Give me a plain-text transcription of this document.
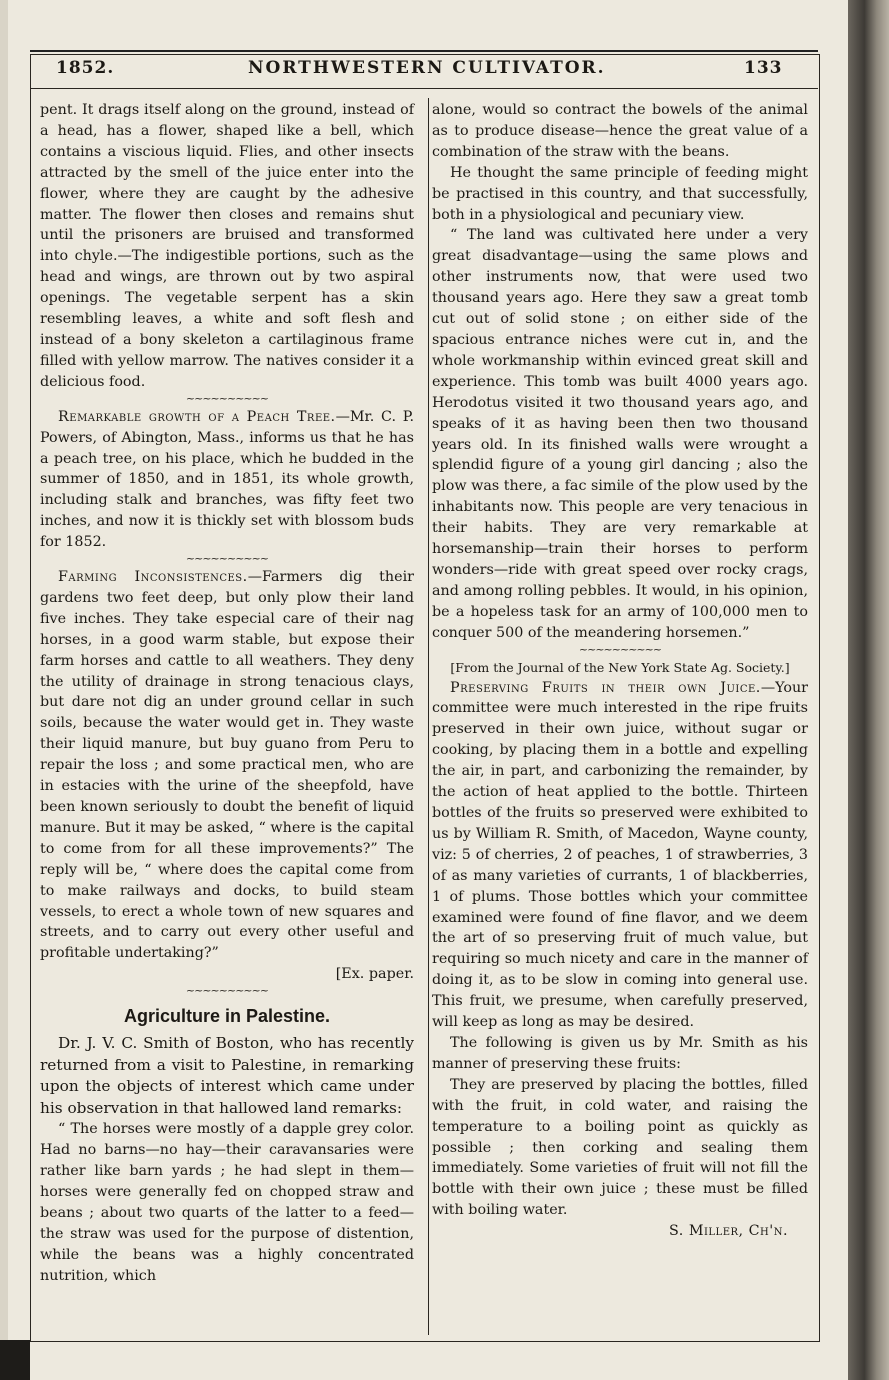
1852.	NORTHWESTERN CULTIVATOR.	133

pent. It drags itself along on the ground, instead of a head, has a flower, shaped like a bell, which contains a viscious liquid. Flies, and other insects attracted by the smell of the juice enter into the flower, where they are caught by the adhesive matter. The flower then closes and remains shut until the prisoners are bruised and transformed into chyle.—The indigestible portions, such as the head and wings, are thrown out by two aspiral openings. The vegetable serpent has a skin resembling leaves, a white and soft flesh and instead of a bony skeleton a cartilaginous frame filled with yellow marrow. The natives consider it a delicious food.

~~~~~~~~~~

Remarkable growth of a Peach Tree.—Mr. C. P. Powers, of Abington, Mass., informs us that he has a peach tree, on his place, which he budded in the summer of 1850, and in 1851, its whole growth, including stalk and branches, was fifty feet two inches, and now it is thickly set with blossom buds for 1852.

~~~~~~~~~~

Farming Inconsistences.—Farmers dig their gardens two feet deep, but only plow their land five inches. They take especial care of their nag horses, in a good warm stable, but expose their farm horses and cattle to all weathers. They deny the utility of drainage in strong tenacious clays, but dare not dig an under ground cellar in such soils, because the water would get in. They waste their liquid manure, but buy guano from Peru to repair the loss ; and some practical men, who are in estacies with the urine of the sheepfold, have been known seriously to doubt the benefit of liquid manure. But it may be asked, “ where is the capital to come from for all these improvements?” The reply will be, “ where does the capital come from to make railways and docks, to build steam vessels, to erect a whole town of new squares and streets, and to carry out every other useful and profitable undertaking?”

[Ex. paper.

~~~~~~~~~~
Agriculture in Palestine.

Dr. J. V. C. Smith of Boston, who has recently returned from a visit to Palestine, in remarking upon the objects of interest which came under his observation in that hallowed land remarks:

“ The horses were mostly of a dapple grey color. Had no barns—no hay—their caravansaries were rather like barn yards ; he had slept in them—horses were generally fed on chopped straw and beans ; about two quarts of the latter to a feed—the straw was used for the purpose of distention, while the beans was a highly concentrated nutrition, which

alone, would so contract the bowels of the animal as to produce disease—hence the great value of a combination of the straw with the beans.

He thought the same principle of feeding might be practised in this country, and that successfully, both in a physiological and pecuniary view.

“ The land was cultivated here under a very great disadvantage—using the same plows and other instruments now, that were used two thousand years ago. Here they saw a great tomb cut out of solid stone ; on either side of the spacious entrance niches were cut in, and the whole workmanship within evinced great skill and experience. This tomb was built 4000 years ago. Herodotus visited it two thousand years ago, and speaks of it as having been then two thousand years old. In its finished walls were wrought a splendid figure of a young girl dancing ; also the plow was there, a fac simile of the plow used by the inhabitants now. This people are very tenacious in their habits. They are very remarkable at horsemanship—train their horses to perform wonders—ride with great speed over rocky crags, and among rolling pebbles. It would, in his opinion, be a hopeless task for an army of 100,000 men to conquer 500 of the meandering horsemen.”

~~~~~~~~~~

[From the Journal of the New York State Ag. Society.]

Preserving Fruits in their own Juice.—Your committee were much interested in the ripe fruits preserved in their own juice, without sugar or cooking, by placing them in a bottle and expelling the air, in part, and carbonizing the remainder, by the action of heat applied to the bottle. Thirteen bottles of the fruits so preserved were exhibited to us by William R. Smith, of Macedon, Wayne county, viz: 5 of cherries, 2 of peaches, 1 of strawberries, 3 of as many varieties of currants, 1 of blackberries, 1 of plums. Those bottles which your committee examined were found of fine flavor, and we deem the art of so preserving fruit of much value, but requiring so much nicety and care in the manner of doing it, as to be slow in coming into general use. This fruit, we presume, when carefully preserved, will keep as long as may be desired.

The following is given us by Mr. Smith as his manner of preserving these fruits:

They are preserved by placing the bottles, filled with the fruit, in cold water, and raising the temperature to a boiling point as quickly as possible ; then corking and sealing them immediately. Some varieties of fruit will not fill the bottle with their own juice ; these must be filled with boiling water.

S. Miller, Ch'n.
